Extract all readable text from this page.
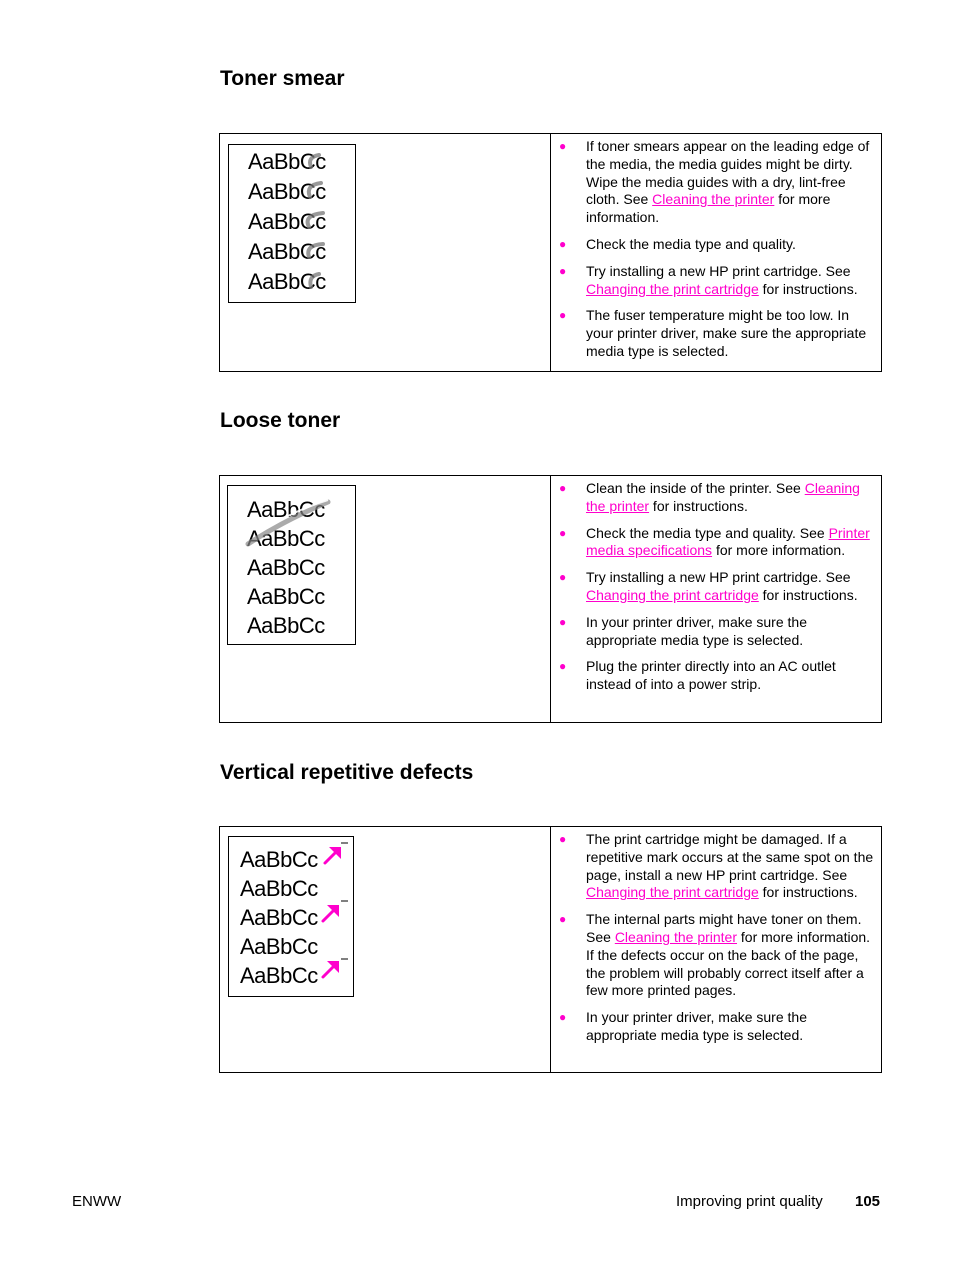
Toner smear
AaBbCc
AaBbCc
AaBbCc
AaBbCc
AaBbCc
● If toner smears appear on the leading edge of the media, the media guides might be dirty. Wipe the media guides with a dry, lint-free cloth. See Cleaning the printer for more information.
● Check the media type and quality.
● Try installing a new HP print cartridge. See Changing the print cartridge for instructions.
● The fuser temperature might be too low. In your printer driver, make sure the appropriate media type is selected.
Loose toner
AaBbCc
AaBbCc
AaBbCc
AaBbCc
AaBbCc
● Clean the inside of the printer. See Cleaning the printer for instructions.
● Check the media type and quality. See Printer media specifications for more information.
● Try installing a new HP print cartridge. See Changing the print cartridge for instructions.
● In your printer driver, make sure the appropriate media type is selected.
● Plug the printer directly into an AC outlet instead of into a power strip.
Vertical repetitive defects
AaBbCc
AaBbCc
AaBbCc
AaBbCc
AaBbCc
● The print cartridge might be damaged. If a repetitive mark occurs at the same spot on the page, install a new HP print cartridge. See Changing the print cartridge for instructions.
● The internal parts might have toner on them. See Cleaning the printer for more information. If the defects occur on the back of the page, the problem will probably correct itself after a few more printed pages.
● In your printer driver, make sure the appropriate media type is selected.
ENWW	Improving print quality 105
